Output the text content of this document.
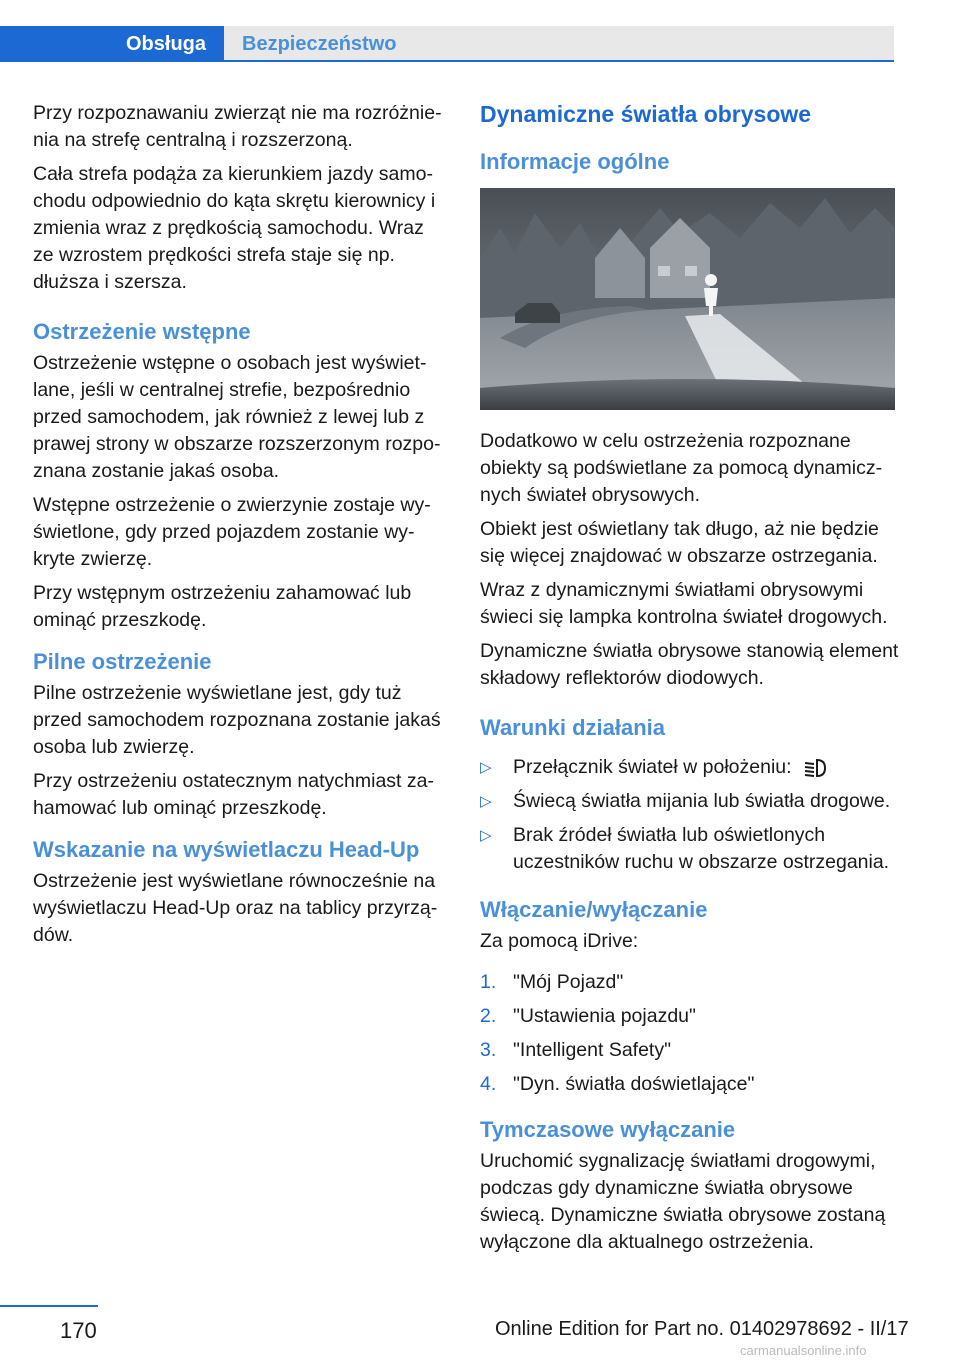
Obsługa	Bezpieczeństwo

Przy rozpoznawaniu zwierząt nie ma rozróżnienia na strefę centralną i rozszerzoną.

Cała strefa podąża za kierunkiem jazdy samochodu odpowiednio do kąta skrętu kierownicy i zmienia wraz z prędkością samochodu. Wraz ze wzrostem prędkości strefa staje się np. dłuższa i szersza.

Ostrzeżenie wstępne

Ostrzeżenie wstępne o osobach jest wyświetlane, jeśli w centralnej strefie, bezpośrednio przed samochodem, jak również z lewej lub z prawej strony w obszarze rozszerzonym rozpoznana zostanie jakaś osoba.

Wstępne ostrzeżenie o zwierzynie zostaje wyświetlone, gdy przed pojazdem zostanie wykryte zwierzę.

Przy wstępnym ostrzeżeniu zahamować lub ominąć przeszkodę.

Pilne ostrzeżenie

Pilne ostrzeżenie wyświetlane jest, gdy tuż przed samochodem rozpoznana zostanie jakaś osoba lub zwierzę.

Przy ostrzeżeniu ostatecznym natychmiast zahamować lub ominąć przeszkodę.

Wskazanie na wyświetlaczu Head-Up

Ostrzeżenie jest wyświetlane równocześnie na wyświetlaczu Head-Up oraz na tablicy przyrządów.

Dynamiczne światła obrysowe
Informacje ogólne

Dodatkowo w celu ostrzeżenia rozpoznane obiekty są podświetlane za pomocą dynamicznych świateł obrysowych.

Obiekt jest oświetlany tak długo, aż nie będzie się więcej znajdować w obszarze ostrzegania.

Wraz z dynamicznymi światłami obrysowymi świeci się lampka kontrolna świateł drogowych.

Dynamiczne światła obrysowe stanowią element składowy reflektorów diodowych.

Warunki działania
▷ Przełącznik świateł w położeniu:
▷ Świecą światła mijania lub światła drogowe.
▷ Brak źródeł światła lub oświetlonych uczestników ruchu w obszarze ostrzegania.
Włączanie/wyłączanie

Za pomocą iDrive:

1. "Mój Pojazd"
2. "Ustawienia pojazdu"
3. "Intelligent Safety"
4. "Dyn. światła doświetlające"
Tymczasowe wyłączanie

Uruchomić sygnalizację światłami drogowymi, podczas gdy dynamiczne światła obrysowe świecą. Dynamiczne światła obrysowe zostaną wyłączone dla aktualnego ostrzeżenia.

170	Online Edition for Part no. 01402978692 - II/17
carmanualsonline.info
